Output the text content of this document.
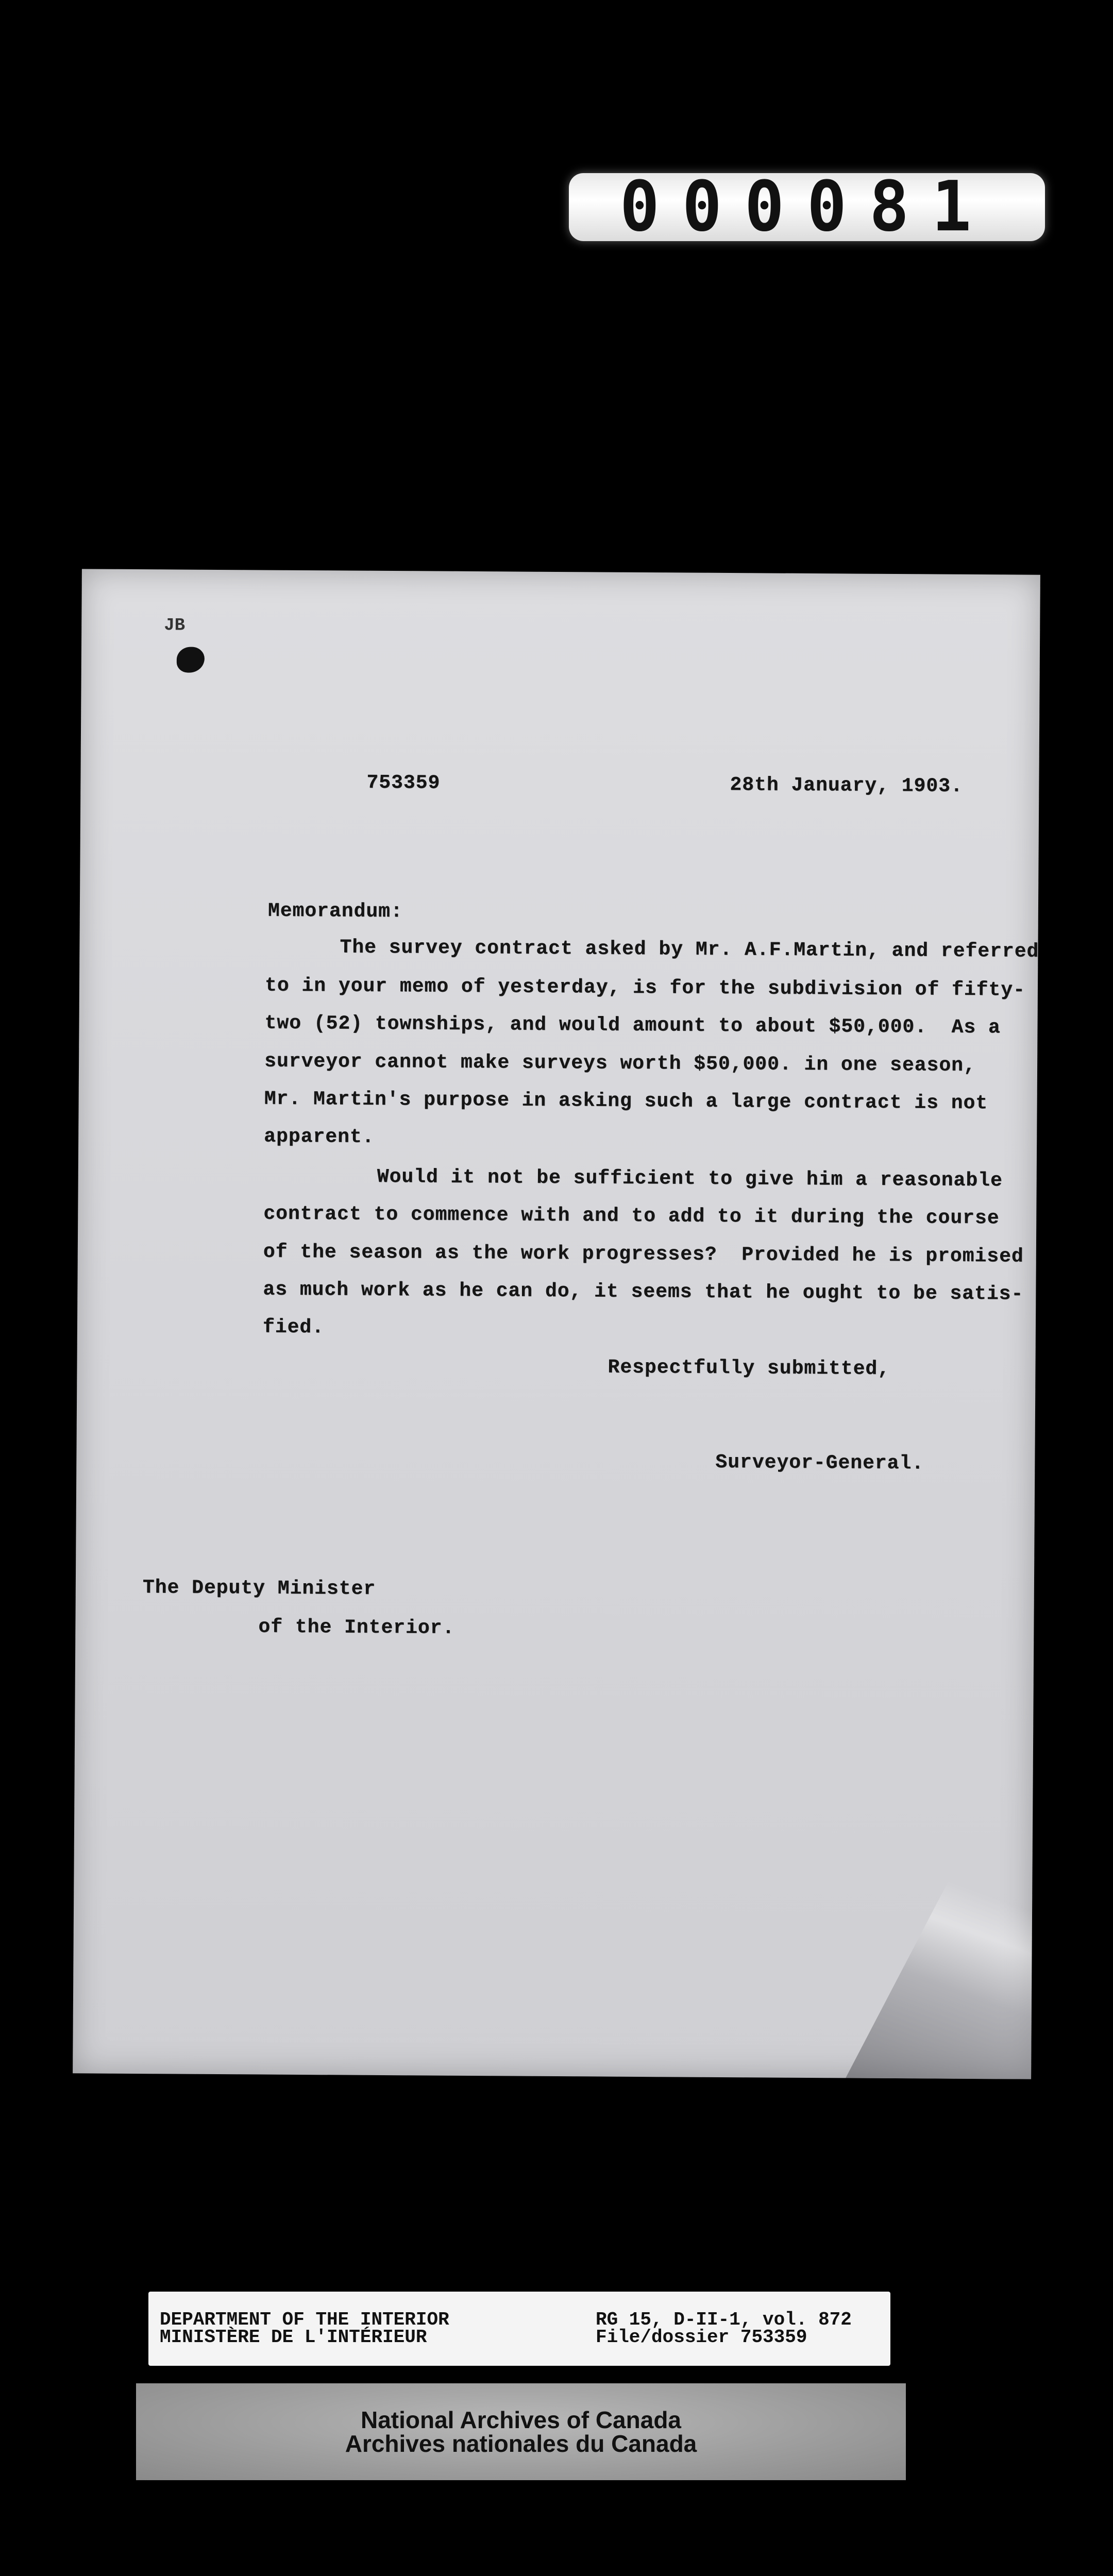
000081
JB
753359	28th January, 1903.
Memorandum:
The survey contract asked by Mr. A.F.Martin, and referred
to in your memo of yesterday, is for the subdivision of fifty-
two (52) townships, and would amount to about $50,000.  As a
surveyor cannot make surveys worth $50,000. in one season,
Mr. Martin's purpose in asking such a large contract is not
apparent.
Would it not be sufficient to give him a reasonable
contract to commence with and to add to it during the course
of the season as the work progresses?  Provided he is promised
as much work as he can do, it seems that he ought to be satis-
fied.
Respectfully submitted,
Surveyor-General.
The Deputy Minister
of the Interior.
DEPARTMENT OF THE INTERIOR
MINISTÈRE DE L'INTÉRIEUR
RG 15, D-II-1, vol. 872
File/dossier 753359
National Archives of Canada
Archives nationales du Canada
